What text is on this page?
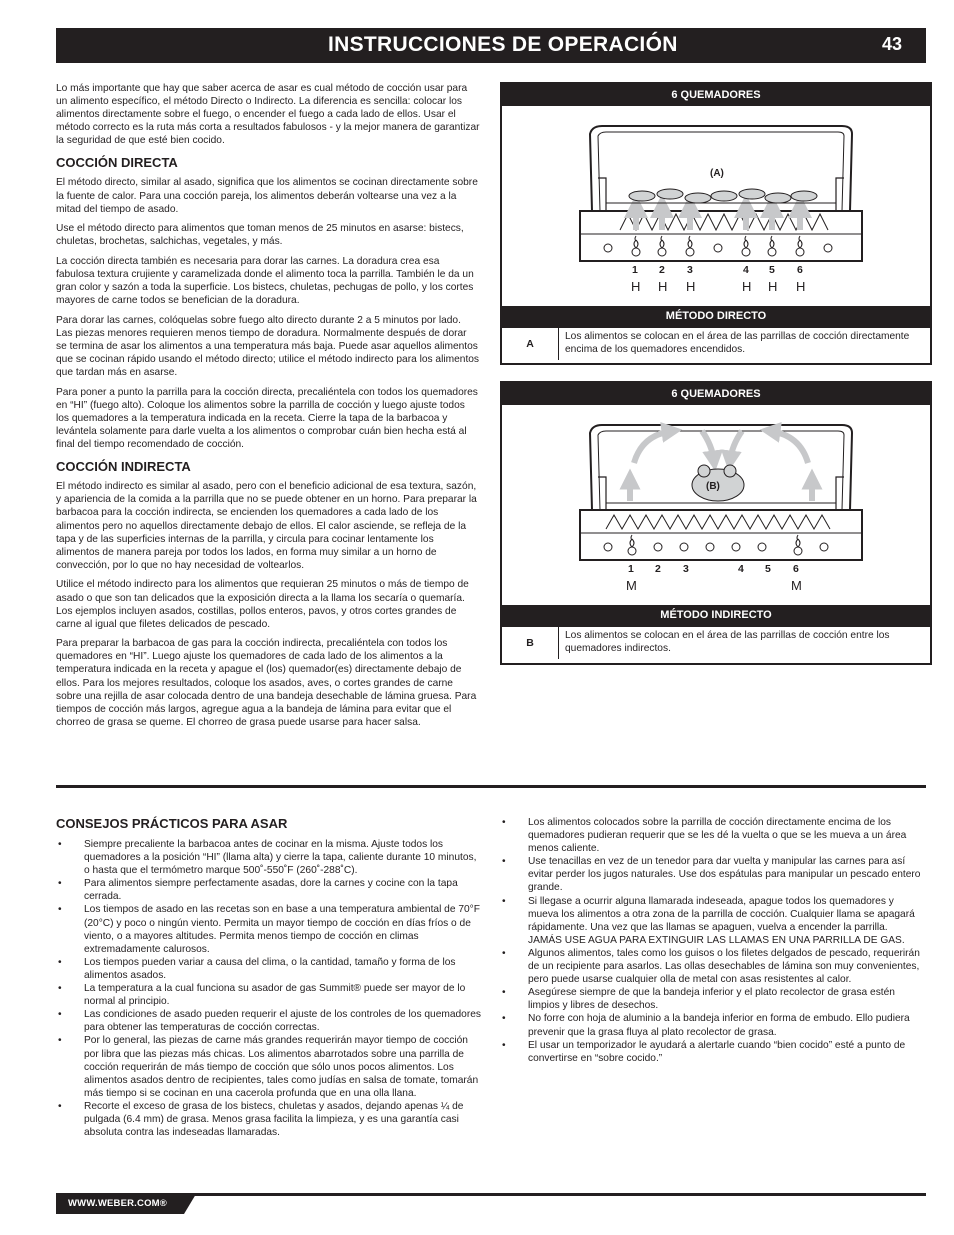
INSTRUCCIONES DE OPERACIÓN	43

Lo más importante que hay que saber acerca de asar es cual método de cocción usar para un alimento específico, el método Directo o Indirecto. La diferencia es sencilla: colocar los alimentos directamente sobre el fuego, o encender el fuego a cada lado de ellos. Usar el método correcto es la ruta más corta a resultados fabulosos - y la mejor manera de garantizar la seguridad de que esté bien cocido.

COCCIÓN DIRECTA

El método directo, similar al asado, significa que los alimentos se cocinan directamente sobre la fuente de calor. Para una cocción pareja, los alimentos deberán voltearse una vez a la mitad del tiempo de asado.

Use el método directo para alimentos que toman menos de 25 minutos en asarse: bistecs, chuletas, brochetas, salchichas, vegetales, y más.

La cocción directa también es necesaria para dorar las carnes. La doradura crea esa fabulosa textura crujiente y caramelizada donde el alimento toca la parrilla. También le da un gran color y sazón a toda la superficie. Los bistecs, chuletas, pechugas de pollo, y los cortes mayores de carne todos se benefician de la doradura.

Para dorar las carnes, colóquelas sobre fuego alto directo durante 2 a 5 minutos por lado. Las piezas menores requieren menos tiempo de doradura. Normalmente después de dorar se termina de asar los alimentos a una temperatura más baja. Puede asar aquellos alimentos que se cocinan rápido usando el método directo; utilice el método indirecto para los alimentos que tardan más en asarse.

Para poner a punto la parrilla para la cocción directa, precaliéntela con todos los quemadores en “HI” (fuego alto). Coloque los alimentos sobre la parrilla de cocción y luego ajuste todos los quemadores a la temperatura indicada en la receta. Cierre la tapa de la barbacoa y levántela solamente para darle vuelta a los alimentos o comprobar cuán bien hecha está al final del tiempo recomendado de cocción.

COCCIÓN INDIRECTA

El método indirecto es similar al asado, pero con el beneficio adicional de esa textura, sazón, y apariencia de la comida a la parrilla que no se puede obtener en un horno. Para preparar la barbacoa para la cocción indirecta, se encienden los quemadores a cada lado de los alimentos pero no aquellos directamente debajo de ellos. El calor asciende, se refleja de la tapa y de las superficies internas de la parrilla, y circula para cocinar lentamente los alimentos de manera pareja por todos los lados, en forma muy similar a un horno de convección, por lo que no hay necesidad de voltearlos.

Utilice el método indirecto para los alimentos que requieran 25 minutos o más de tiempo de asado o que son tan delicados que la exposición directa a la llama los secaría o quemaría. Los ejemplos incluyen asados, costillas, pollos enteros, pavos, y otros cortes grandes de carne al igual que filetes delicados de pescado.

Para preparar la barbacoa de gas para la cocción indirecta, precaliéntela con todos los quemadores en “HI”. Luego ajuste los quemadores de cada lado de los alimentos a la temperatura indicada en la receta y apague el (los) quemador(es) directamente debajo de ellos. Para los mejores resultados, coloque los asados, aves, o cortes grandes de carne sobre una rejilla de asar colocada dentro de una bandeja desechable de lámina gruesa. Para tiempos de cocción más largos, agregue agua a la bandeja de lámina para evitar que el chorreo de grasa se queme. El chorreo de grasa puede usarse para hacer salsa.

6 QUEMADORES
(A)
1 2 3	4 5 6
H H H	H H H
MÉTODO DIRECTO
A
Los alimentos se colocan en el área de las parrillas de cocción directamente encima de los quemadores encendidos.
6 QUEMADORES
(B)
1 2 3	4 5 6
M	M
MÉTODO INDIRECTO
B
Los alimentos se colocan en el área de las parrillas de cocción entre los quemadores indirectos.
CONSEJOS PRÁCTICOS PARA ASAR
• Siempre precaliente la barbacoa antes de cocinar en la misma. Ajuste todos los quemadores a la posición “HI” (llama alta) y cierre la tapa, caliente durante 10 minutos, o hasta que el termómetro marque 500˚-550˚F (260˚-288˚C).
• Para alimentos siempre perfectamente asadas, dore la carnes y cocine con la tapa cerrada.
• Los tiempos de asado en las recetas son en base a una temperatura ambiental de 70°F (20°C) y poco o ningún viento. Permita un mayor tiempo de cocción en días fríos o de viento, o a mayores altitudes. Permita menos tiempo de cocción en climas extremadamente calurosos.
• Los tiempos pueden variar a causa del clima, o la cantidad, tamaño y forma de los alimentos asados.
• La temperatura a la cual funciona su asador de gas Summit® puede ser mayor de lo normal al principio.
• Las condiciones de asado pueden requerir el ajuste de los controles de los quemadores para obtener las temperaturas de cocción correctas.
• Por lo general, las piezas de carne más grandes requerirán mayor tiempo de cocción por libra que las piezas más chicas. Los alimentos abarrotados sobre una parrilla de cocción requerirán de más tiempo de cocción que sólo unos pocos alimentos. Los alimentos asados dentro de recipientes, tales como judías en salsa de tomate, tomarán más tiempo si se cocinan en una cacerola profunda que en una olla llana.
• Recorte el exceso de grasa de los bistecs, chuletas y asados, dejando apenas ¼ de pulgada (6.4 mm) de grasa. Menos grasa facilita la limpieza, y es una garantía casi absoluta contra las indeseadas llamaradas.
• Los alimentos colocados sobre la parrilla de cocción directamente encima de los quemadores pudieran requerir que se les dé la vuelta o que se les mueva a un área menos caliente.
• Use tenacillas en vez de un tenedor para dar vuelta y manipular las carnes para así evitar perder los jugos naturales. Use dos espátulas para manipular un pescado entero grande.
• Si llegase a ocurrir alguna llamarada indeseada, apague todos los quemadores y mueva los alimentos a otra zona de la parrilla de cocción. Cualquier llama se apagará rápidamente. Una vez que las llamas se apaguen, vuelva a encender la parrilla. JAMÁS USE AGUA PARA EXTINGUIR LAS LLAMAS EN UNA PARRILLA DE GAS.
• Algunos alimentos, tales como los guisos o los filetes delgados de pescado, requerirán de un recipiente para asarlos. Las ollas desechables de lámina son muy convenientes, pero puede usarse cualquier olla de metal con asas resistentes al calor.
• Asegúrese siempre de que la bandeja inferior y el plato recolector de grasa estén limpios y libres de desechos.
• No forre con hoja de aluminio a la bandeja inferior en forma de embudo. Ello pudiera prevenir que la grasa fluya al plato recolector de grasa.
• El usar un temporizador le ayudará a alertarle cuando “bien cocido” esté a punto de convertirse en “sobre cocido.”
WWW.WEBER.COM®
